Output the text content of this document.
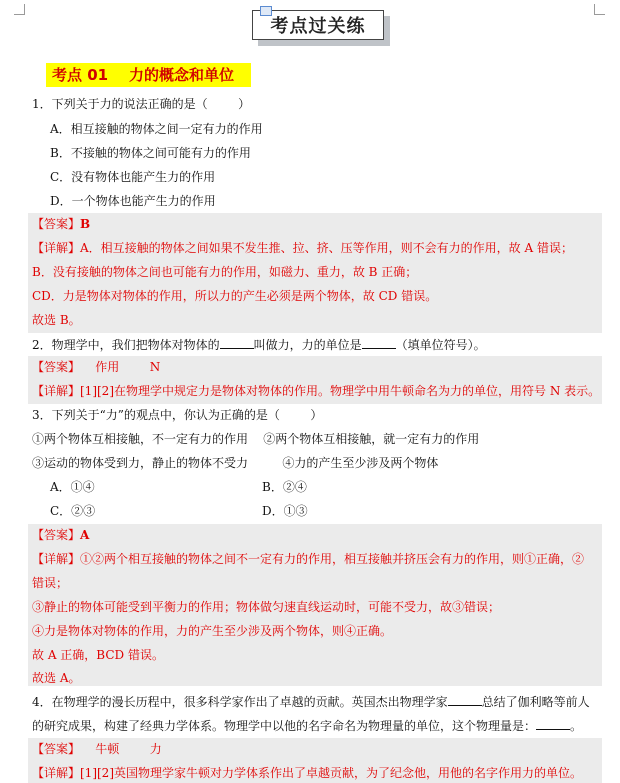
考点过关练
考点 01    力的概念和单位
1．下列关于力的说法正确的是（        ）
A．相互接触的物体之间一定有力的作用
B．不接触的物体之间可能有力的作用
C．没有物体也能产生力的作用
D．一个物体也能产生力的作用
【答案】B
【详解】A．相互接触的物体之间如果不发生推、拉、挤、压等作用，则不会有力的作用，故 A 错误；
B．没有接触的物体之间也可能有力的作用，如磁力、重力，故 B 正确；
CD．力是物体对物体的作用，所以力的产生必须是两个物体，故 CD 错误。
故选 B。
2．物理学中，我们把物体对物体的	叫做力，力的单位是	（填单位符号）。
【答案】    作用        N
【详解】[1][2]在物理学中规定力是物体对物体的作用。物理学中用牛顿命名为力的单位，用符号 N 表示。
3．下列关于“力”的观点中，你认为正确的是（        ）
①两个物体互相接触，不一定有力的作用    ②两个物体互相接触，就一定有力的作用
③运动的物体受到力，静止的物体不受力         ④力的产生至少涉及两个物体
A．①④	B．②④
C．②③	D．①③
【答案】A
【详解】①②两个相互接触的物体之间不一定有力的作用，相互接触并挤压会有力的作用，则①正确，②
错误；
③静止的物体可能受到平衡力的作用；物体做匀速直线运动时，可能不受力，故③错误；
④力是物体对物体的作用，力的产生至少涉及两个物体，则④正确。
故 A 正确，BCD 错误。
故选 A。
4．在物理学的漫长历程中，很多科学家作出了卓越的贡献。英国杰出物理学家	总结了伽利略等前人
的研究成果，构建了经典力学体系。物理学中以他的名字命名为物理量的单位，这个物理量是：	。
【答案】    牛顿        力
【详解】[1][2]英国物理学家牛顿对力学体系作出了卓越贡献，为了纪念他，用他的名字作用力的单位。
